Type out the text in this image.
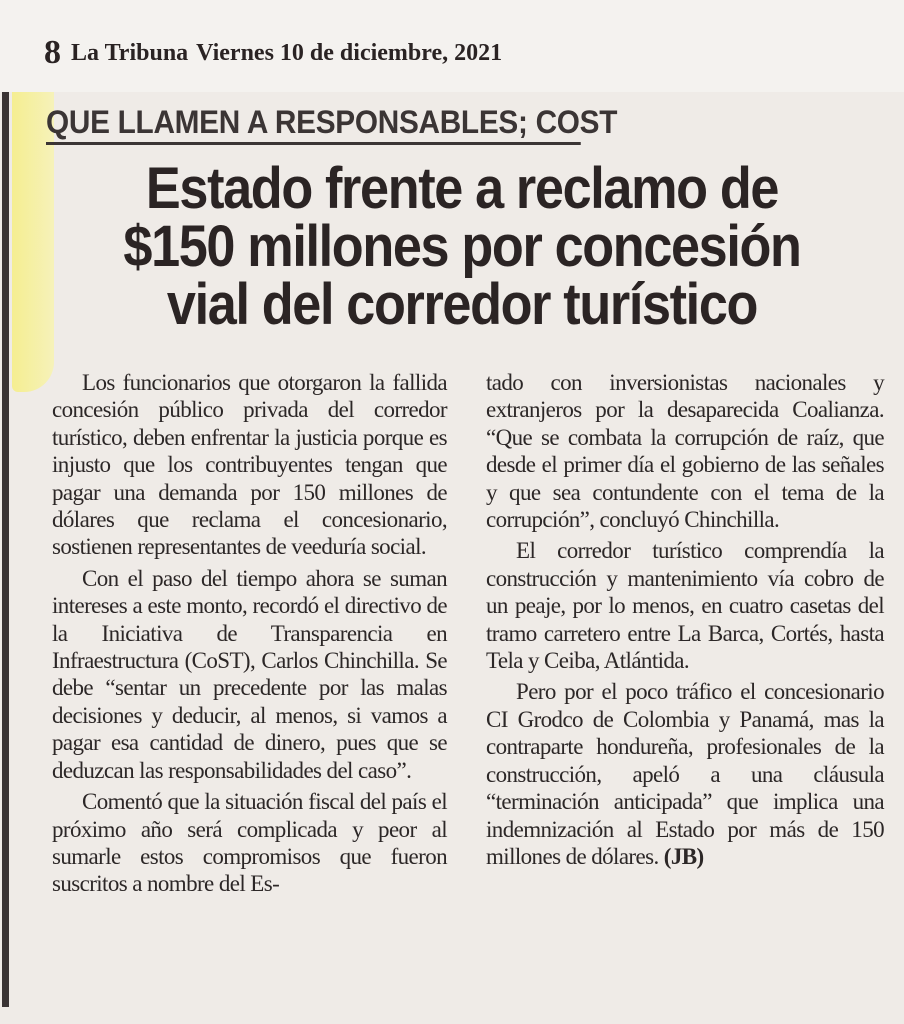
8 La Tribuna Viernes 10 de diciembre, 2021
QUE LLAMEN A RESPONSABLES; COST
Estado frente a reclamo de
$150 millones por concesión
vial del corredor turístico

Los funcionarios que otorgaron la fallida concesión público privada del corredor turístico, deben enfrentar la justicia porque es injusto que los contribuyentes tengan que pagar una demanda por 150 millones de dólares que reclama el concesionario, sostienen representantes de veeduría social.

Con el paso del tiempo ahora se suman intereses a este monto, recordó el directivo de la Iniciativa de Transparencia en Infraestructura (CoST), Carlos Chinchilla. Se debe “sentar un precedente por las malas decisiones y deducir, al menos, si vamos a pagar esa cantidad de dinero, pues que se deduzcan las responsabilidades del caso”.

Comentó que la situación fiscal del país el próximo año será complicada y peor al sumarle estos compromisos que fueron suscritos a nombre del Es-

tado con inversionistas nacionales y extranjeros por la desaparecida Coalianza. “Que se combata la corrupción de raíz, que desde el primer día el gobierno de las señales y que sea contundente con el tema de la corrupción”, concluyó Chinchilla.

El corredor turístico comprendía la construcción y mantenimiento vía cobro de un peaje, por lo menos, en cuatro casetas del tramo carretero entre La Barca, Cortés, hasta Tela y Ceiba, Atlántida.

Pero por el poco tráfico el concesionario CI Grodco de Colombia y Panamá, mas la contraparte hondureña, profesionales de la construcción, apeló a una cláusula “terminación anticipada” que implica una indemnización al Estado por más de 150 millones de dólares. (JB)
